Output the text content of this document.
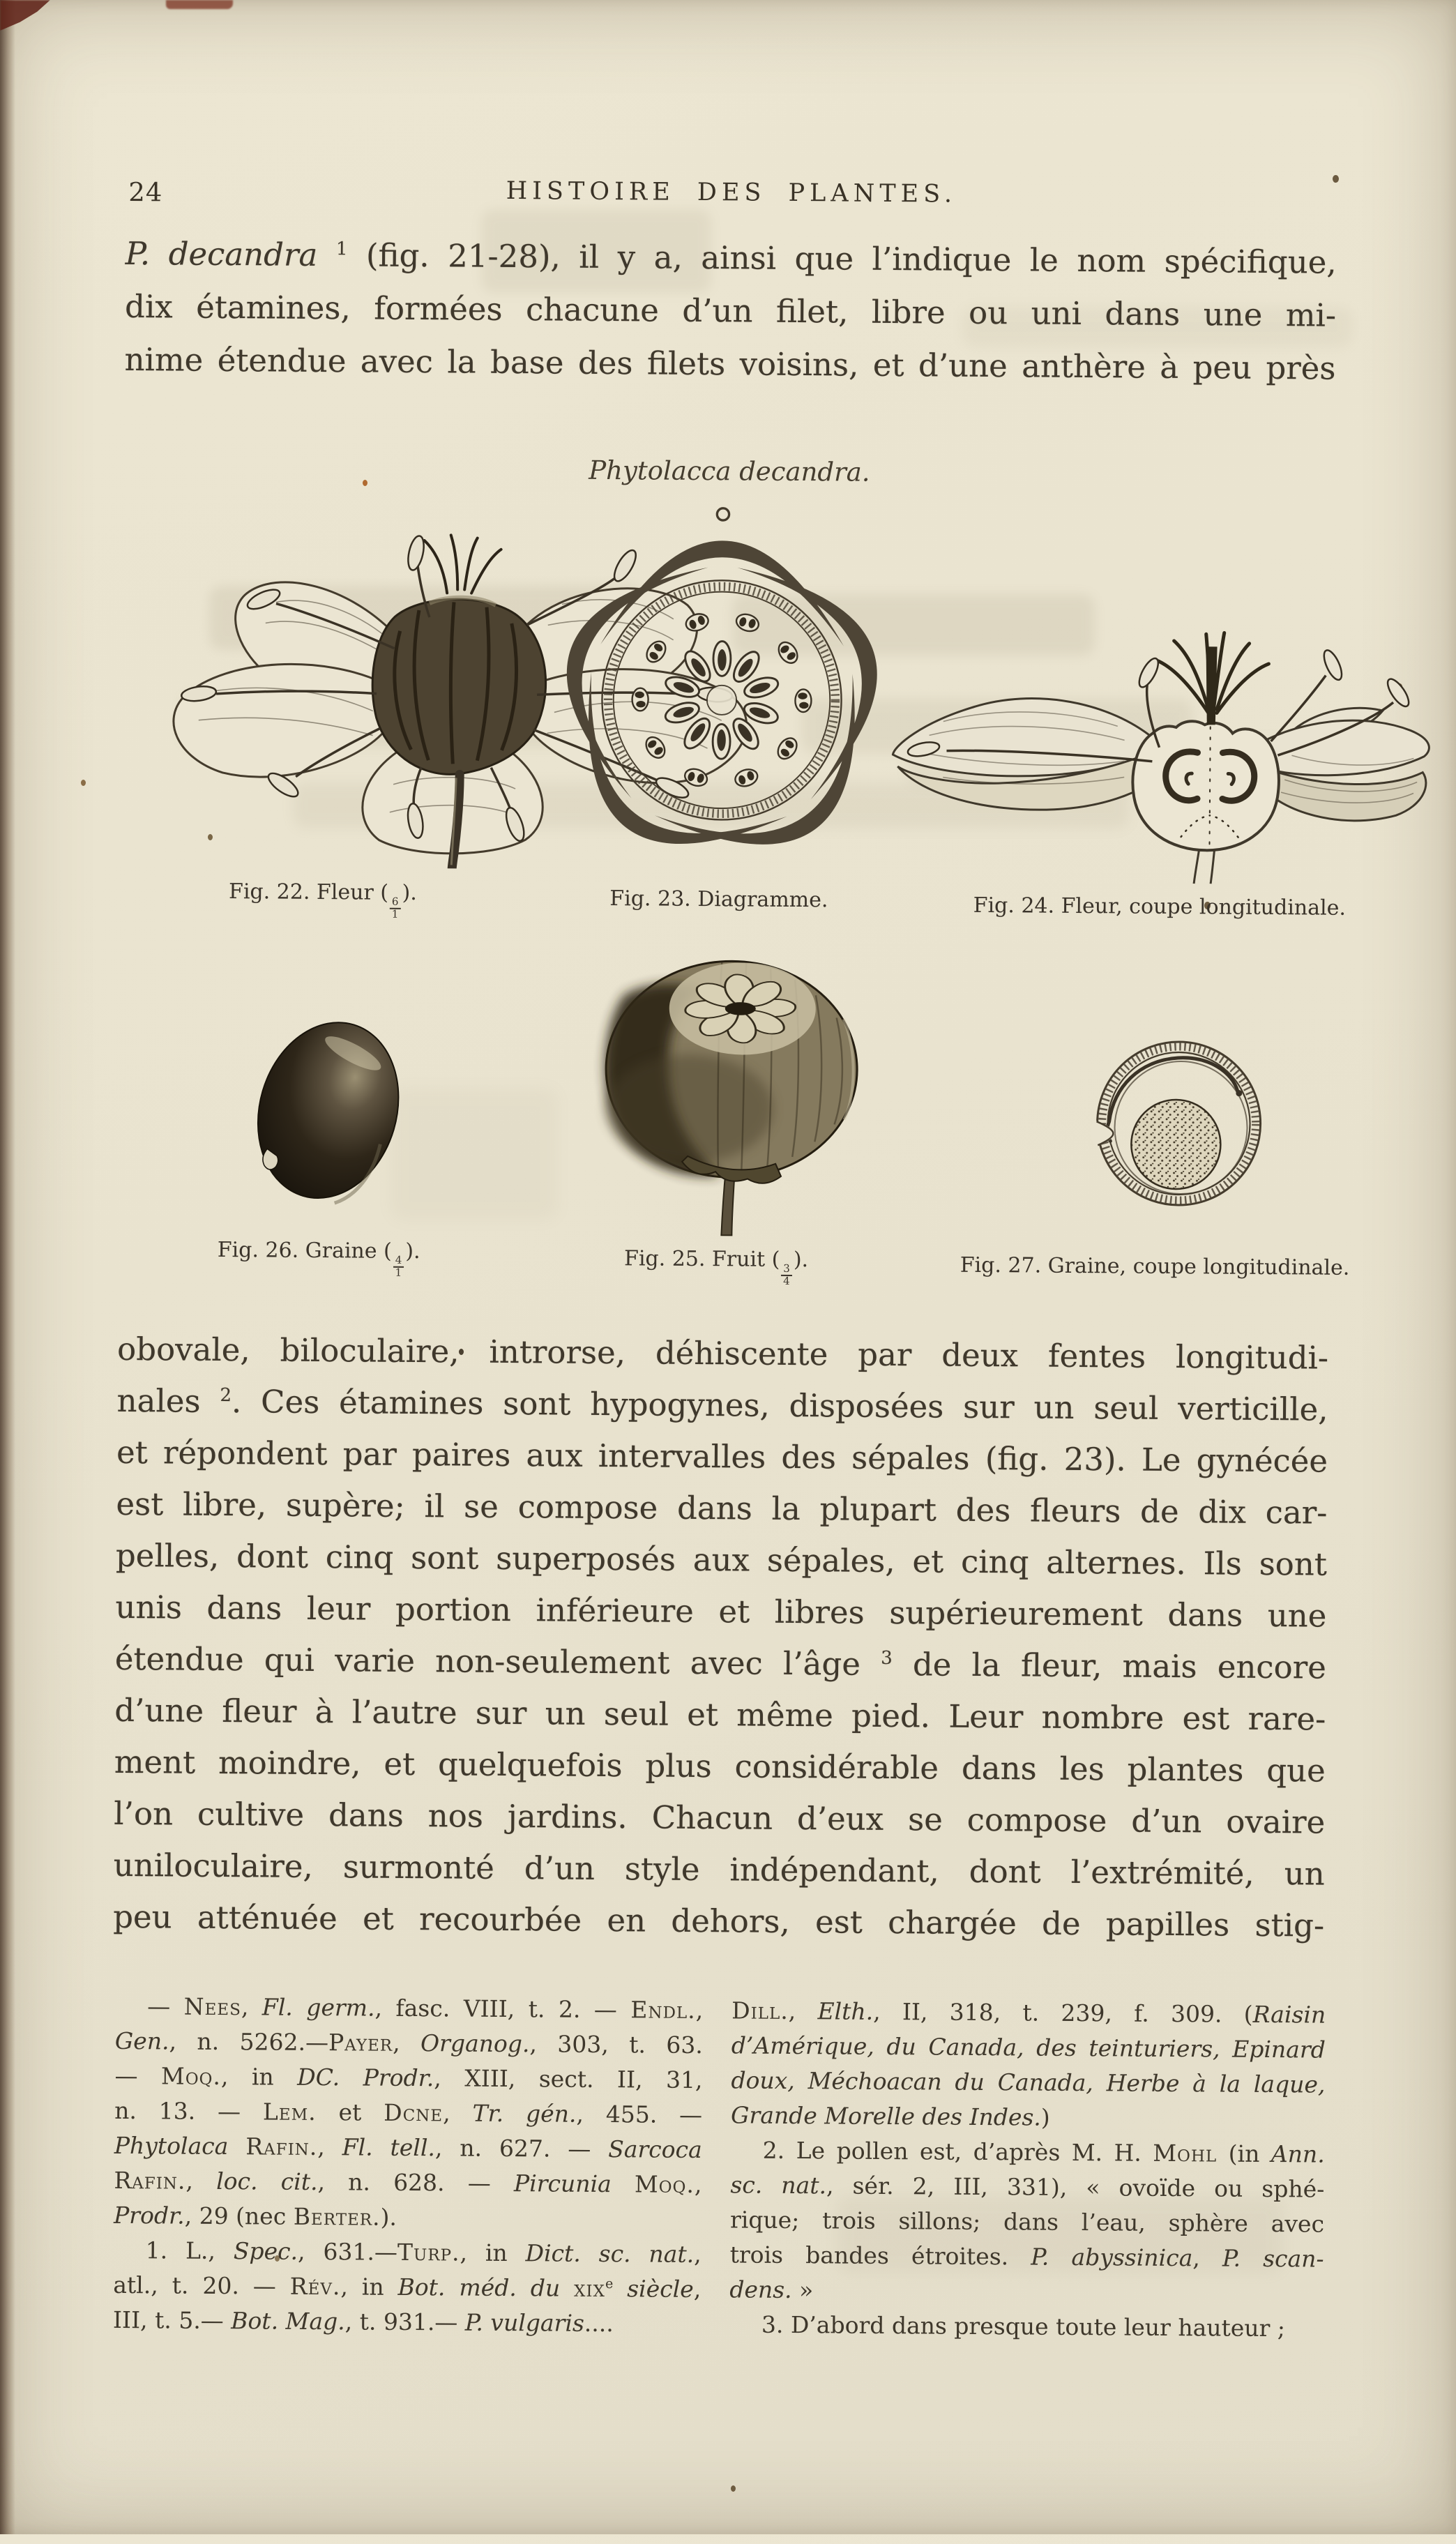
24	HISTOIRE DES PLANTES.
P. decandra $^1$ (fig. 21-28), il y a, ainsi que l’indique le nom spécifique,
dix étamines, formées chacune d’un filet, libre ou uni dans une mi-
nime étendue avec la base des filets voisins, et d’une anthère à peu près
Phytolacca decandra.
Fig. 22. Fleur (
$\frac{6}{1}$
).	Fig. 23. Diagramme.	Fig. 24. Fleur, coupe longitudinale.
Fig. 26. Graine (
$\frac{4}{1}$
).	Fig. 25. Fruit (
$\frac{3}{4}$
).	Fig. 27. Graine, coupe longitudinale.
obovale, biloculaire, introrse, déhiscente par deux fentes longitudi-
nales $^2$. Ces étamines sont hypogynes, disposées sur un seul verticille,
et répondent par paires aux intervalles des sépales (fig. 23). Le gynécée
est libre, supère; il se compose dans la plupart des fleurs de dix car-
pelles, dont cinq sont superposés aux sépales, et cinq alternes. Ils sont
unis dans leur portion inférieure et libres supérieurement dans une
étendue qui varie non-seulement avec l’âge $^3$ de la fleur, mais encore
d’une fleur à l’autre sur un seul et même pied. Leur nombre est rare-
ment moindre, et quelquefois plus considérable dans les plantes que
l’on cultive dans nos jardins. Chacun d’eux se compose d’un ovaire
uniloculaire, surmonté d’un style indépendant, dont l’extrémité, un
peu atténuée et recourbée en dehors, est chargée de papilles stig-
— Nees, Fl. germ., fasc. VIII, t. 2. — Endl.,
Gen., n. 5262.—Payer, Organog., 303, t. 63.
— Moq., in DC. Prodr., XIII, sect. II, 31,
n. 13. — Lem. et Dcne, Tr. gén., 455. —
Phytolaca Rafin., Fl. tell., n. 627. — Sarcoca
Rafin., loc. cit., n. 628. — Pircunia Moq.,
Prodr., 29 (nec Berter.).
1. L., Spec., 631.—Turp., in Dict. sc. nat.,
atl., t. 20. — Rév., in Bot. méd. du xix$^e$ siècle,
III, t. 5.— Bot. Mag., t. 931.— P. vulgaris....
Dill., Elth., II, 318, t. 239, f. 309. (Raisin
d’Amérique, du Canada, des teinturiers, Epinard
doux, Méchoacan du Canada, Herbe à la laque,
Grande Morelle des Indes.)
2. Le pollen est, d’après M. H. Mohl (in Ann.
sc. nat., sér. 2, III, 331), « ovoïde ou sphé-
rique; trois sillons; dans l’eau, sphère avec
trois bandes étroites. P. abyssinica, P. scan-
dens. »
3. D’abord dans presque toute leur hauteur ;
